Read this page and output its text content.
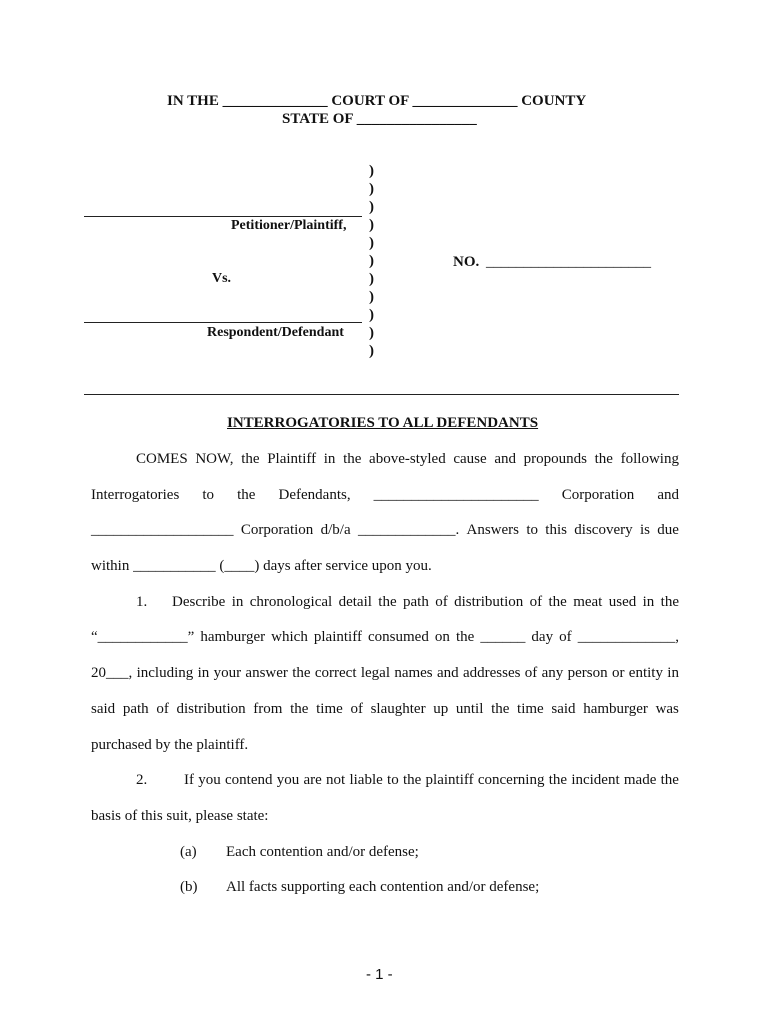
IN THE ______________ COURT OF ______________ COUNTY
STATE OF ________________
)
)
)
)
)
)
)
)
)
)
)
Petitioner/Plaintiff,
Vs.
NO. ______________________
Respondent/Defendant
INTERROGATORIES TO ALL DEFENDANTS
COMES NOW, the Plaintiff in the above-styled cause and propounds the following
Interrogatories to the Defendants, ______________________ Corporation and
___________________ Corporation d/b/a _____________. Answers to this discovery is due
within ___________ (____) days after service upon you.
1. Describe in chronological detail the path of distribution of the meat used in the
“____________” hamburger which plaintiff consumed on the ______ day of _____________,
20___, including in your answer the correct legal names and addresses of any person or entity in
said path of distribution from the time of slaughter up until the time said hamburger was
purchased by the plaintiff.
2. If you contend you are not liable to the plaintiff concerning the incident made the
basis of this suit, please state:
(a) Each contention and/or defense;
(b) All facts supporting each contention and/or defense;
- 1 -
